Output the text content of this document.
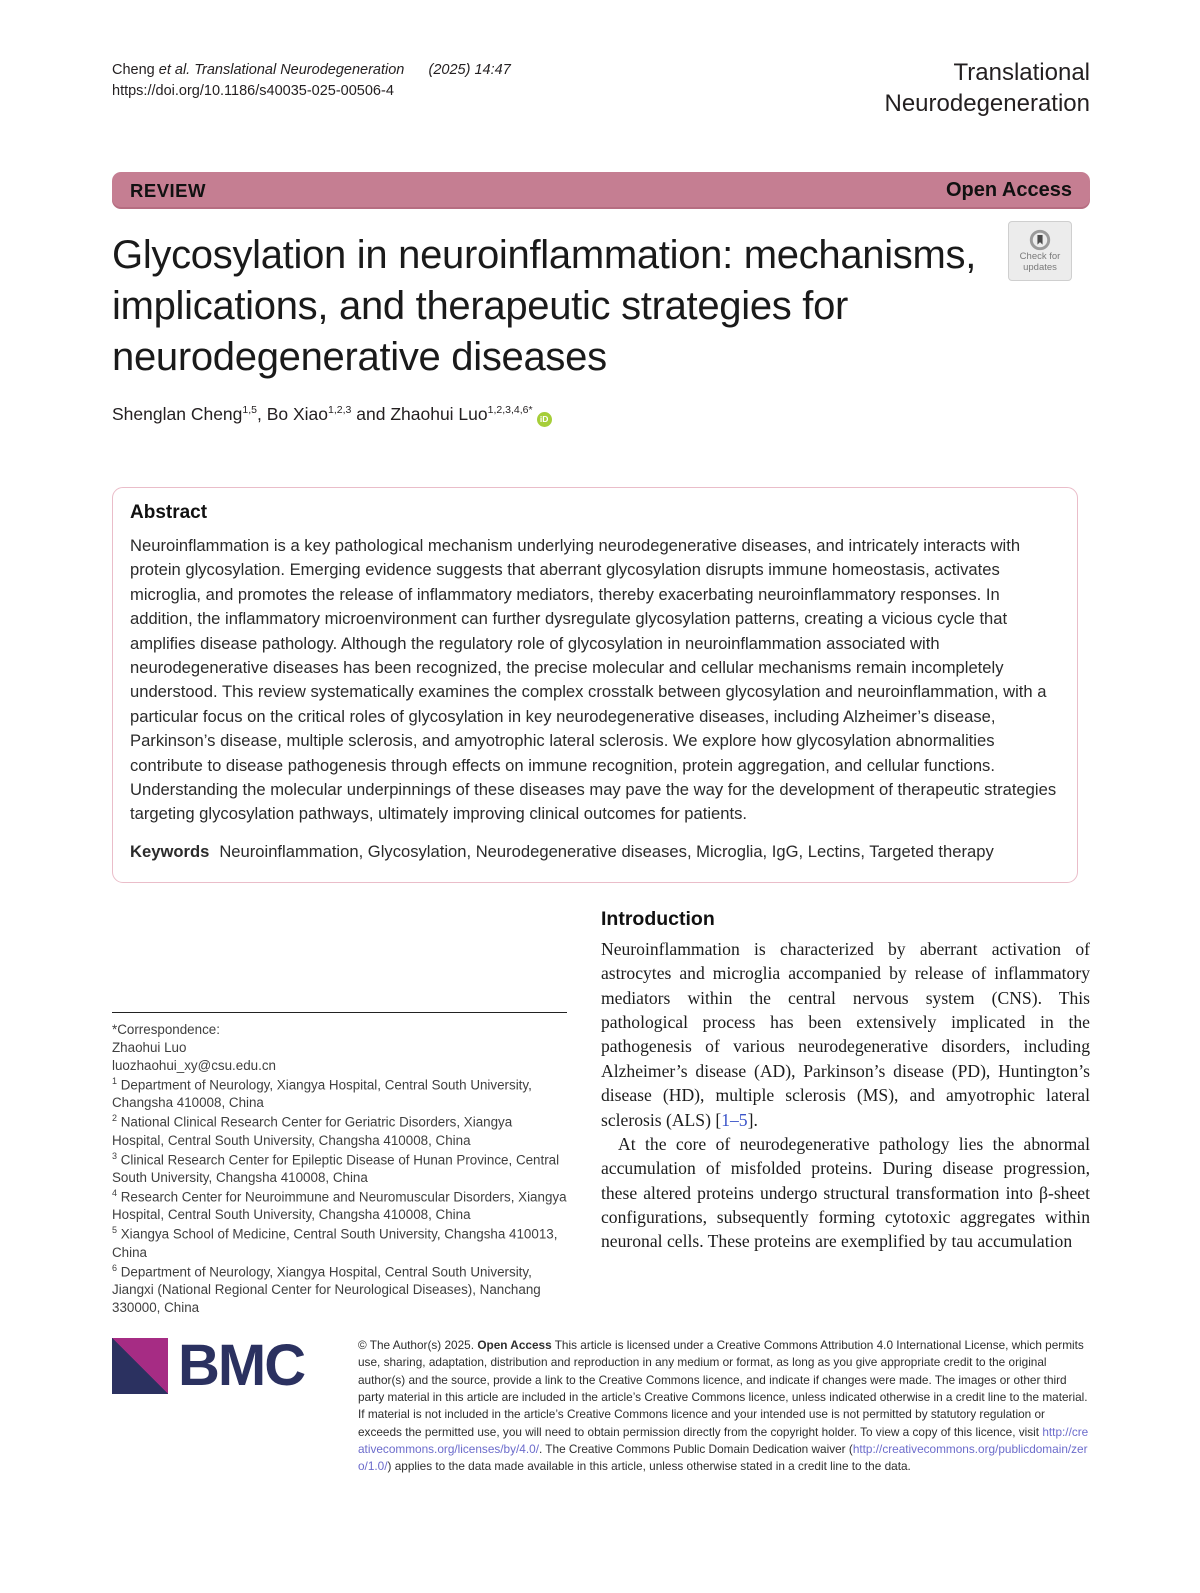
Cheng et al. Translational Neurodegeneration (2025) 14:47
https://doi.org/10.1186/s40035-025-00506-4
Translational
Neurodegeneration
REVIEW	Open Access
Check for
updates
Glycosylation in neuroinflammation: mechanisms, implications, and therapeutic strategies for neurodegenerative diseases
Shenglan Cheng$^{1,5}$, Bo Xiao$^{1,2,3}$ and Zhaohui Luo$^{1,2,3,4,6*}$iD
Abstract

Neuroinflammation is a key pathological mechanism underlying neurodegenerative diseases, and intricately interacts with protein glycosylation. Emerging evidence suggests that aberrant glycosylation disrupts immune homeostasis, activates microglia, and promotes the release of inflammatory mediators, thereby exacerbating neuroinflammatory responses. In addition, the inflammatory microenvironment can further dysregulate glycosylation patterns, creating a vicious cycle that amplifies disease pathology. Although the regulatory role of glycosylation in neuroinflammation associated with neurodegenerative diseases has been recognized, the precise molecular and cellular mechanisms remain incompletely understood. This review systematically examines the complex crosstalk between glycosylation and neuroinflammation, with a particular focus on the critical roles of glycosylation in key neurodegenerative diseases, including Alzheimer’s disease, Parkinson’s disease, multiple sclerosis, and amyotrophic lateral sclerosis. We explore how glycosylation abnormalities contribute to disease pathogenesis through effects on immune recognition, protein aggregation, and cellular functions. Understanding the molecular underpinnings of these diseases may pave the way for the development of therapeutic strategies targeting glycosylation pathways, ultimately improving clinical outcomes for patients.

Keywords Neuroinflammation, Glycosylation, Neurodegenerative diseases, Microglia, IgG, Lectins, Targeted therapy

*Correspondence:
Zhaohui Luo
luozhaohui_xy@csu.edu.cn

$^1$ Department of Neurology, Xiangya Hospital, Central South University, Changsha 410008, China

$^2$ National Clinical Research Center for Geriatric Disorders, Xiangya Hospital, Central South University, Changsha 410008, China

$^3$ Clinical Research Center for Epileptic Disease of Hunan Province, Central South University, Changsha 410008, China

$^4$ Research Center for Neuroimmune and Neuromuscular Disorders, Xiangya Hospital, Central South University, Changsha 410008, China

$^5$ Xiangya School of Medicine, Central South University, Changsha 410013, China

$^6$ Department of Neurology, Xiangya Hospital, Central South University, Jiangxi (National Regional Center for Neurological Diseases), Nanchang 330000, China

Introduction

Neuroinflammation is characterized by aberrant activation of astrocytes and microglia accompanied by release of inflammatory mediators within the central nervous system (CNS). This pathological process has been extensively implicated in the pathogenesis of various neurodegenerative disorders, including Alzheimer’s disease (AD), Parkinson’s disease (PD), Huntington’s disease (HD), multiple sclerosis (MS), and amyotrophic lateral sclerosis (ALS) [1–5].

At the core of neurodegenerative pathology lies the abnormal accumulation of misfolded proteins. During disease progression, these altered proteins undergo structural transformation into β-sheet configurations, subsequently forming cytotoxic aggregates within neuronal cells. These proteins are exemplified by tau accumulation

BMC	© The Author(s) 2025. Open Access This article is licensed under a Creative Commons Attribution 4.0 International License, which permits use, sharing, adaptation, distribution and reproduction in any medium or format, as long as you give appropriate credit to the original author(s) and the source, provide a link to the Creative Commons licence, and indicate if changes were made. The images or other third party material in this article are included in the article’s Creative Commons licence, unless indicated otherwise in a credit line to the material. If material is not included in the article’s Creative Commons licence and your intended use is not permitted by statutory regulation or exceeds the permitted use, you will need to obtain permission directly from the copyright holder. To view a copy of this licence, visit http://creativecommons.org/licenses/by/4.0/. The Creative Commons Public Domain Dedication waiver (http://creativecommons.org/publicdomain/zero/1.0/) applies to the data made available in this article, unless otherwise stated in a credit line to the data.
